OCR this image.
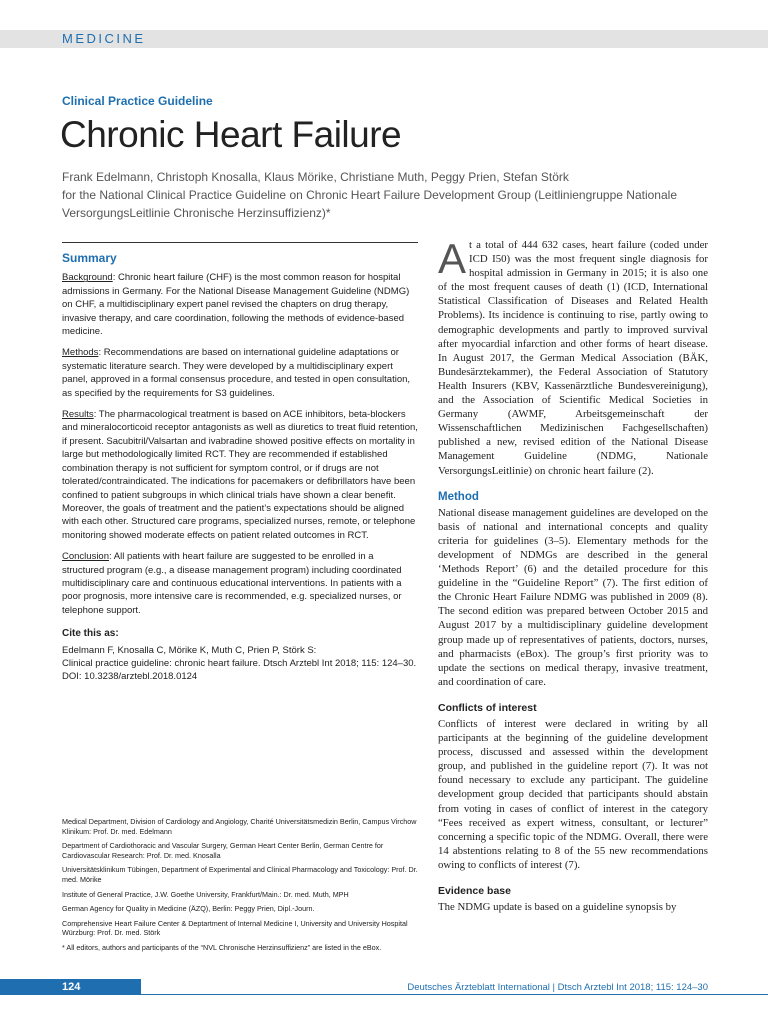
MEDICINE
Clinical Practice Guideline
Chronic Heart Failure
Frank Edelmann, Christoph Knosalla, Klaus Mörike, Christiane Muth, Peggy Prien, Stefan Störk
for the National Clinical Practice Guideline on Chronic Heart Failure Development Group (Leitliniengruppe Nationale
VersorgungsLeitlinie Chronische Herzinsuffizienz)*
Summary

Background: Chronic heart failure (CHF) is the most common reason for hospital admissions in Germany. For the National Disease Management Guideline (NDMG) on CHF, a multidisciplinary expert panel revised the chapters on drug therapy, invasive therapy, and care coordination, following the methods of evidence-based medicine.

Methods: Recommendations are based on international guideline adaptations or systematic literature search. They were developed by a multidisciplinary expert panel, approved in a formal consensus procedure, and tested in open consultation, as specified by the requirements for S3 guidelines.

Results: The pharmacological treatment is based on ACE inhibitors, beta-blockers and mineralocorticoid receptor antagonists as well as diuretics to treat fluid retention, if present. Sacubitril/Valsartan and ivabradine showed positive effects on mortality in large but methodologically limited RCT. They are recommended if established combination therapy is not sufficient for symptom control, or if drugs are not tolerated/contraindicated. The indications for pacemakers or defibrillators have been confined to patient subgroups in which clinical trials have shown a clear benefit. Moreover, the goals of treatment and the patient’s expectations should be aligned with each other. Structured care programs, specialized nurses, remote, or telephone monitoring showed moderate effects on patient related outcomes in RCT.

Conclusion: All patients with heart failure are suggested to be enrolled in a structured program (e.g., a disease management program) including coordinated multidisciplinary care and continuous educational interventions. In patients with a poor prognosis, more intensive care is recommended, e.g. specialized nurses, or telephone support.

Cite this as:
Edelmann F, Knosalla C, Mörike K, Muth C, Prien P, Störk S:
Clinical practice guideline: chronic heart failure. Dtsch Arztebl Int 2018; 115: 124–30.
DOI: 10.3238/arztebl.2018.0124

Medical Department, Division of Cardiology and Angiology, Charité Universitätsmedizin Berlin, Campus Virchow Klinikum: Prof. Dr. med. Edelmann

Department of Cardiothoracic and Vascular Surgery, German Heart Center Berlin, German Centre for Cardiovascular Research: Prof. Dr. med. Knosalla

Universitätsklinikum Tübingen, Department of Experimental and Clinical Pharmacology and Toxicology: Prof. Dr. med. Mörike

Institute of General Practice, J.W. Goethe University, Frankfurt/Main.: Dr. med. Muth, MPH

German Agency for Quality in Medicine (ÄZQ), Berlin: Peggy Prien, Dipl.-Journ.

Comprehensive Heart Failure Center & Deptartment of Internal Medicine I, University and University Hospital Würzburg: Prof. Dr. med. Störk

* All editors, authors and participants of the “NVL Chronische Herzinsuffizienz” are listed in the eBox.

At a total of 444 632 cases, heart failure (coded under ICD I50) was the most frequent single diagnosis for hospital admission in Germany in 2015; it is also one of the most frequent causes of death (1) (ICD, International Statistical Classification of Diseases and Related Health Problems). Its incidence is continuing to rise, partly owing to demographic developments and partly to improved survival after myocardial infarction and other forms of heart disease. In August 2017, the German Medical Association (BÄK, Bundesärztekammer), the Federal Association of Statutory Health Insurers (KBV, Kassenärztliche Bundesvereinigung), and the Association of Scientific Medical Societies in Germany (AWMF, Arbeitsgemeinschaft der Wissenschaftlichen Medizinischen Fachgesellschaften) published a new, revised edition of the National Disease Management Guideline (NDMG, Nationale VersorgungsLeitlinie) on chronic heart failure (2).

Method

National disease management guidelines are developed on the basis of national and international concepts and quality criteria for guidelines (3–5). Elementary methods for the development of NDMGs are described in the general ‘Methods Report’ (6) and the detailed procedure for this guideline in the “Guideline Report” (7). The first edition of the Chronic Heart Failure NDMG was published in 2009 (8). The second edition was prepared between October 2015 and August 2017 by a multidisciplinary guideline development group made up of representatives of patients, doctors, nurses, and pharmacists (eBox). The group’s first priority was to update the sections on medical therapy, invasive treatment, and coordination of care.

Conflicts of interest

Conflicts of interest were declared in writing by all participants at the beginning of the guideline development process, discussed and assessed within the development group, and published in the guideline report (7). It was not found necessary to exclude any participant. The guideline development group decided that participants should abstain from voting in cases of conflict of interest in the category “Fees received as expert witness, consultant, or lecturer” concerning a specific topic of the NDMG. Overall, there were 14 abstentions relating to 8 of the 55 new recommendations owing to conflicts of interest (7).

Evidence base

The NDMG update is based on a guideline synopsis by

124	Deutsches Ärzteblatt International | Dtsch Arztebl Int 2018; 115: 124–30
